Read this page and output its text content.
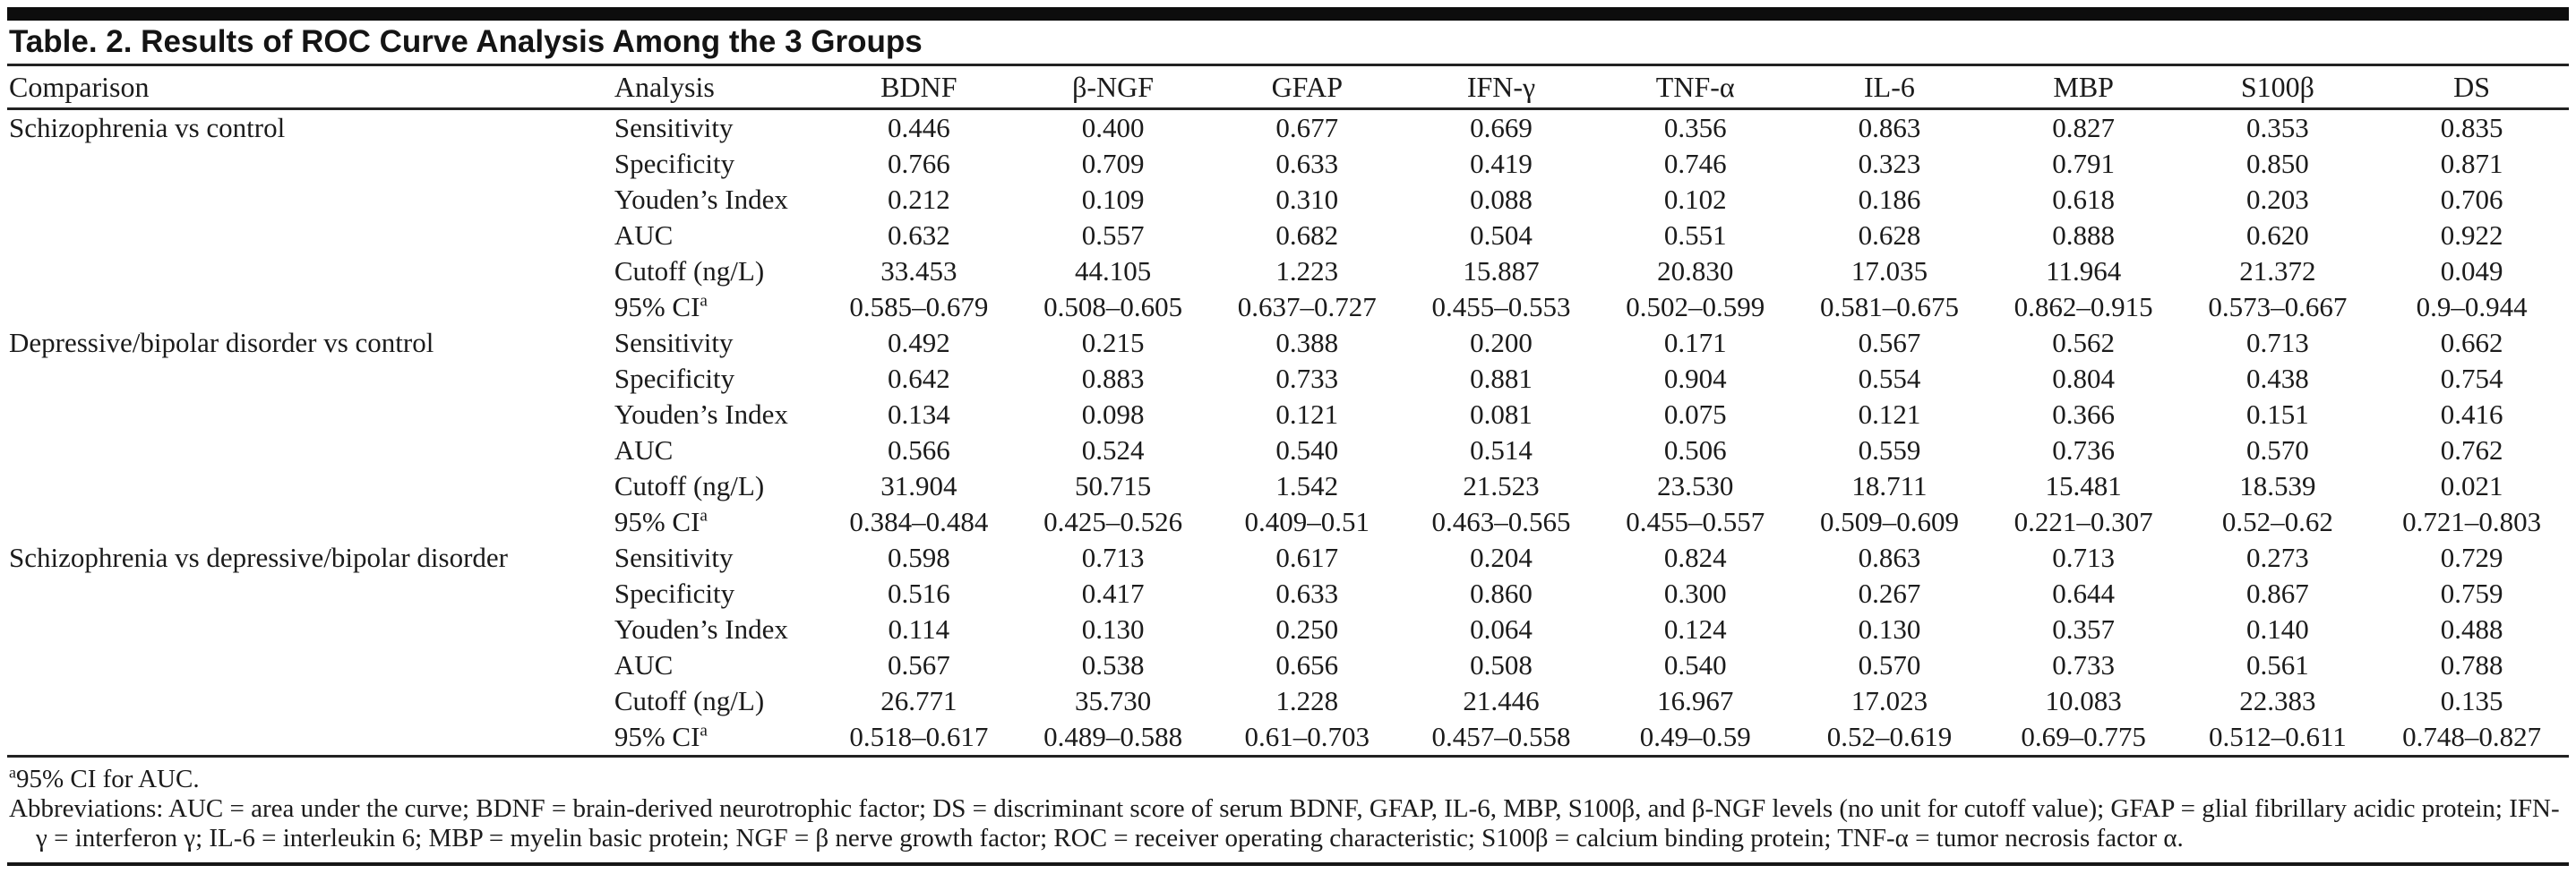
Table. 2. Results of ROC Curve Analysis Among the 3 Groups
Comparison	Analysis	BDNF	β-NGF	GFAP	IFN-γ	TNF-α	IL-6	MBP	S100β	DS
Schizophrenia vs control	Sensitivity	0.446	0.400	0.677	0.669	0.356	0.863	0.827	0.353	0.835
	Specificity	0.766	0.709	0.633	0.419	0.746	0.323	0.791	0.850	0.871
	Youden’s Index	0.212	0.109	0.310	0.088	0.102	0.186	0.618	0.203	0.706
	AUC	0.632	0.557	0.682	0.504	0.551	0.628	0.888	0.620	0.922
	Cutoff (ng/L)	33.453	44.105	1.223	15.887	20.830	17.035	11.964	21.372	0.049
	95% $CI^a$	0.585–0.679	0.508–0.605	0.637–0.727	0.455–0.553	0.502–0.599	0.581–0.675	0.862–0.915	0.573–0.667	0.9–0.944
Depressive/bipolar disorder vs control	Sensitivity	0.492	0.215	0.388	0.200	0.171	0.567	0.562	0.713	0.662
	Specificity	0.642	0.883	0.733	0.881	0.904	0.554	0.804	0.438	0.754
	Youden’s Index	0.134	0.098	0.121	0.081	0.075	0.121	0.366	0.151	0.416
	AUC	0.566	0.524	0.540	0.514	0.506	0.559	0.736	0.570	0.762
	Cutoff (ng/L)	31.904	50.715	1.542	21.523	23.530	18.711	15.481	18.539	0.021
	95% $CI^a$	0.384–0.484	0.425–0.526	0.409–0.51	0.463–0.565	0.455–0.557	0.509–0.609	0.221–0.307	0.52–0.62	0.721–0.803
Schizophrenia vs depressive/bipolar disorder	Sensitivity	0.598	0.713	0.617	0.204	0.824	0.863	0.713	0.273	0.729
	Specificity	0.516	0.417	0.633	0.860	0.300	0.267	0.644	0.867	0.759
	Youden’s Index	0.114	0.130	0.250	0.064	0.124	0.130	0.357	0.140	0.488
	AUC	0.567	0.538	0.656	0.508	0.540	0.570	0.733	0.561	0.788
	Cutoff (ng/L)	26.771	35.730	1.228	21.446	16.967	17.023	10.083	22.383	0.135
	95% $CI^a$	0.518–0.617	0.489–0.588	0.61–0.703	0.457–0.558	0.49–0.59	0.52–0.619	0.69–0.775	0.512–0.611	0.748–0.827
$^a$95% CI for AUC.
Abbreviations: AUC = area under the curve; BDNF = brain-derived neurotrophic factor; DS = discriminant score of serum BDNF, GFAP, IL-6, MBP, S100β, and β-NGF levels (no unit for cutoff value); GFAP = glial fibrillary acidic protein; IFN-γ = interferon γ; IL-6 = interleukin 6; MBP = myelin basic protein; NGF = β nerve growth factor; ROC = receiver operating characteristic; S100β = calcium binding protein; TNF-α = tumor necrosis factor α.
